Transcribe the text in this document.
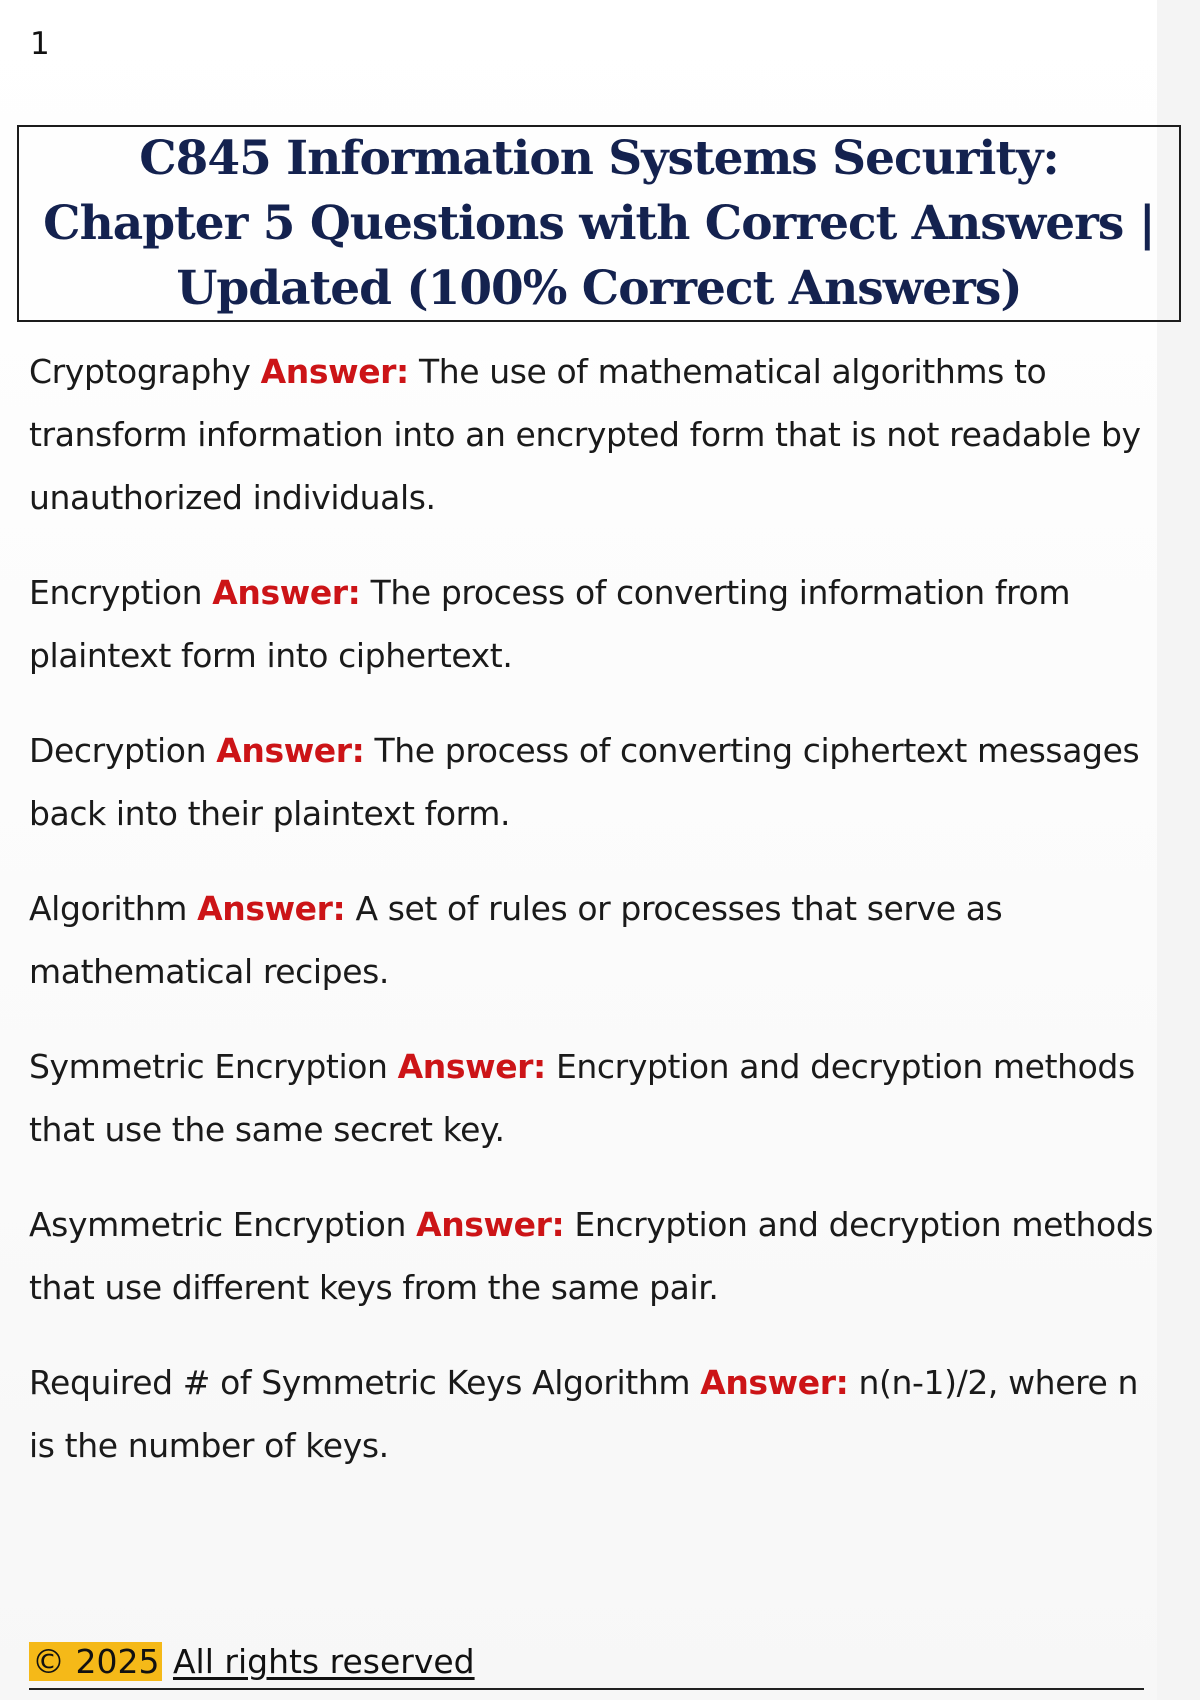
1
C845 Information Systems Security: Chapter 5 Questions with Correct Answers | Updated (100% Correct Answers)

Cryptography Answer: The use of mathematical algorithms to transform information into an encrypted form that is not readable by unauthorized individuals.

Encryption Answer: The process of converting information from plaintext form into ciphertext.

Decryption Answer: The process of converting ciphertext messages back into their plaintext form.

Algorithm Answer: A set of rules or processes that serve as mathematical recipes.

Symmetric Encryption Answer: Encryption and decryption methods that use the same secret key.

Asymmetric Encryption Answer: Encryption and decryption methods that use different keys from the same pair.

Required # of Symmetric Keys Algorithm Answer: n(n-1)/2, where n is the number of keys.

© 2025 All rights reserved
